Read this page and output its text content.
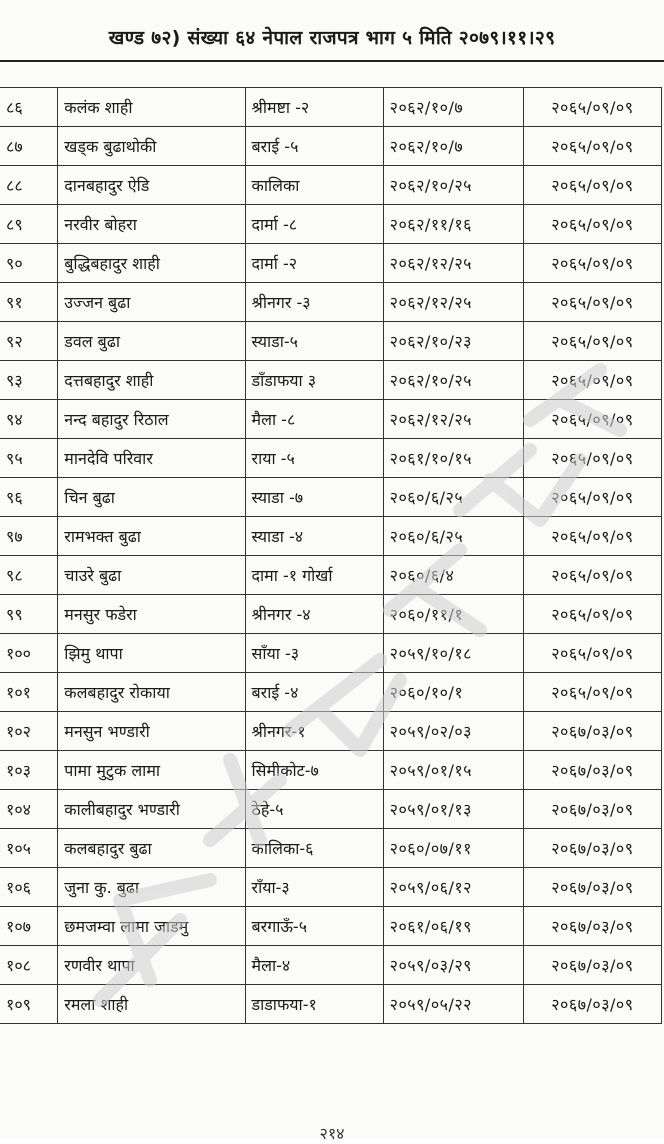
खण्ड ७२) संख्या ६४ नेपाल राजपत्र भाग ५ मिति २०७९।११।२९
८६	कलंक शाही	श्रीमष्टा -२	२०६२/१०/७	२०६५/०९/०९
८७	खड्क बुढाथोकी	बराई -५	२०६२/१०/७	२०६५/०९/०९
८८	दानबहादुर ऐडि	कालिका	२०६२/१०/२५	२०६५/०९/०९
८९	नरवीर बोहरा	दार्मा -८	२०६२/११/१६	२०६५/०९/०९
९०	बुद्धिबहादुर शाही	दार्मा -२	२०६२/१२/२५	२०६५/०९/०९
९१	उज्जन बुढा	श्रीनगर -३	२०६२/१२/२५	२०६५/०९/०९
९२	डवल बुढा	स्याडा-५	२०६२/१०/२३	२०६५/०९/०९
९३	दत्तबहादुर शाही	डाँडाफया ३	२०६२/१०/२५	२०६५/०९/०९
९४	नन्द बहादुर रिठाल	मैला -८	२०६२/१२/२५	२०६५/०९/०९
९५	मानदेवि परिवार	राया -५	२०६१/१०/१५	२०६५/०९/०९
९६	चिन बुढा	स्याडा -७	२०६०/६/२५	२०६५/०९/०९
९७	रामभक्त बुढा	स्याडा -४	२०६०/६/२५	२०६५/०९/०९
९८	चाउरे बुढा	दामा -१ गोर्खा	२०६०/६/४	२०६५/०९/०९
९९	मनसुर फडेरा	श्रीनगर -४	२०६०/११/१	२०६५/०९/०९
१००	झिमु थापा	साँया -३	२०५९/१०/१८	२०६५/०९/०९
१०१	कलबहादुर रोकाया	बराई -४	२०६०/१०/१	२०६५/०९/०९
१०२	मनसुन भण्डारी	श्रीनगर-१	२०५९/०२/०३	२०६७/०३/०९
१०३	पामा मुटुक लामा	सिमीकोट-७	२०५९/०१/१५	२०६७/०३/०९
१०४	कालीबहादुर भण्डारी	ठेहे-५	२०५९/०१/१३	२०६७/०३/०९
१०५	कलबहादुर बुढा	कालिका-६	२०६०/०७/११	२०६७/०३/०९
१०६	जुना कु. बुढा	राँया-३	२०५९/०६/१२	२०६७/०३/०९
१०७	छमजम्वा लामा जाडमु	बरगाऊँ-५	२०६१/०६/१९	२०६७/०३/०९
१०८	रणवीर थापा	मैला-४	२०५९/०३/२९	२०६७/०३/०९
१०९	रमला शाही	डाडाफया-१	२०५९/०५/२२	२०६७/०३/०९
२१४
